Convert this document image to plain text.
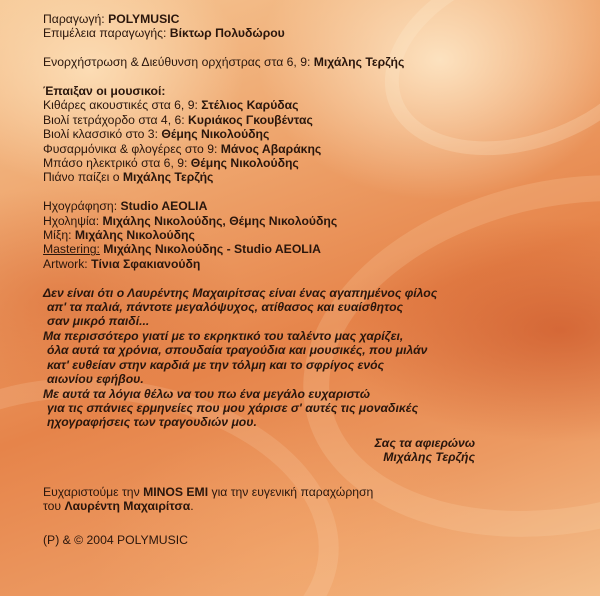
Παραγωγή: POLYMUSIC
Επιμέλεια παραγωγής: Βίκτωρ Πολυδώρου
Ενορχήστρωση & Διεύθυνση ορχήστρας στα 6, 9: Μιχάλης Τερζής
Έπαιξαν οι μουσικοί:
Κιθάρες ακουστικές στα 6, 9: Στέλιος Καρύδας
Βιολί τετράχορδο στα 4, 6: Κυριάκος Γκουβέντας
Βιολί κλασσικό στο 3: Θέμης Νικολούδης
Φυσαρμόνικα & φλογέρες στο 9: Μάνος Αβαράκης
Μπάσο ηλεκτρικό στα 6, 9: Θέμης Νικολούδης
Πιάνο παίζει ο Μιχάλης Τερζής
Ηχογράφηση: Studio AEOLIA
Ηχοληψία: Μιχάλης Νικολούδης, Θέμης Νικολούδης
Μίξη: Μιχάλης Νικολούδης
Mastering: Μιχάλης Νικολούδης - Studio AEOLIA
Artwork: Τίνια Σφακιανούδη
Δεν είναι ότι ο Λαυρέντης Μαχαιρίτσας είναι ένας αγαπημένος φίλος
απ' τα παλιά, πάντοτε μεγαλόψυχος, ατίθασος και ευαίσθητος
σαν μικρό παιδί...
Μα περισσότερο γιατί με το εκρηκτικό του ταλέντο μας χαρίζει,
όλα αυτά τα χρόνια, σπουδαία τραγούδια και μουσικές, που μιλάν
κατ' ευθείαν στην καρδιά με την τόλμη και το σφρίγος ενός
αιωνίου εφήβου.
Με αυτά τα λόγια θέλω να του πω ένα μεγάλο ευχαριστώ
για τις σπάνιες ερμηνείες που μου χάρισε σ' αυτές τις μοναδικές
ηχογραφήσεις των τραγουδιών μου.
Σας τα αφιερώνω
Μιχάλης Τερζής
Ευχαριστούμε την MINOS EMI για την ευγενική παραχώρηση
του Λαυρέντη Μαχαιρίτσα.
(P) & © 2004 POLYMUSIC
